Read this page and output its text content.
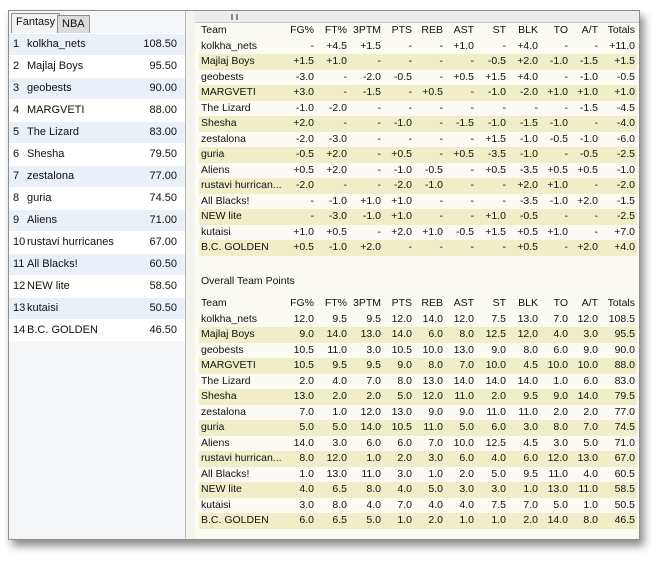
Fantasy NBA
1 kolkha_nets	108.50
2 Majlaj Boys	95.50
3 geobests	90.00
4 MARGVETI	88.00
5 The Lizard	83.00
6 Shesha	79.50
7 zestalona	77.00
8 guria	74.50
9 Aliens	71.00
10 rustavi hurricanes	67.00
11 All Blacks!	60.50
12 NEW lite	58.50
13 kutaisi	50.50
14 B.C. GOLDEN	46.50
Team	FG%	FT%	3PTM	PTS	REB	AST	ST	BLK	TO	A/T	Totals
kolkha_nets	-	+4.5	+1.5	-	-	+1.0	-	+4.0	-	-	+11.0
Majlaj Boys	+1.5	+1.0	-	-	-	-	-0.5	+2.0	-1.0	-1.5	+1.5
geobests	-3.0	-	-2.0	-0.5	-	+0.5	+1.5	+4.0	-	-1.0	-0.5
MARGVETI	+3.0	-	-1.5	-	+0.5	-	-1.0	-2.0	+1.0	+1.0	+1.0
The Lizard	-1.0	-2.0	-	-	-	-	-	-	-	-1.5	-4.5
Shesha	+2.0	-	-	-1.0	-	-1.5	-1.0	-1.5	-1.0	-	-4.0
zestalona	-2.0	-3.0	-	-	-	-	+1.5	-1.0	-0.5	-1.0	-6.0
guria	-0.5	+2.0	-	+0.5	-	+0.5	-3.5	-1.0	-	-0.5	-2.5
Aliens	+0.5	+2.0	-	-1.0	-0.5	-	+0.5	-3.5	+0.5	+0.5	-1.0
rustavi hurrican...	-2.0	-	-	-2.0	-1.0	-	-	+2.0	+1.0	-	-2.0
All Blacks!	-	-1.0	+1.0	+1.0	-	-	-	-3.5	-1.0	+2.0	-1.5
NEW lite	-	-3.0	-1.0	+1.0	-	-	+1.0	-0.5	-	-	-2.5
kutaisi	+1.0	+0.5	-	+2.0	+1.0	-0.5	+1.5	+0.5	+1.0	-	+7.0
B.C. GOLDEN	+0.5	-1.0	+2.0	-	-	-	-	+0.5	-	+2.0	+4.0
Overall Team Points
Team	FG%	FT%	3PTM	PTS	REB	AST	ST	BLK	TO	A/T	Totals
kolkha_nets	12.0	9.5	9.5	12.0	14.0	12.0	7.5	13.0	7.0	12.0	108.5
Majlaj Boys	9.0	14.0	13.0	14.0	6.0	8.0	12.5	12.0	4.0	3.0	95.5
geobests	10.5	11.0	3.0	10.5	10.0	13.0	9.0	8.0	6.0	9.0	90.0
MARGVETI	10.5	9.5	9.5	9.0	8.0	7.0	10.0	4.5	10.0	10.0	88.0
The Lizard	2.0	4.0	7.0	8.0	13.0	14.0	14.0	14.0	1.0	6.0	83.0
Shesha	13.0	2.0	2.0	5.0	12.0	11.0	2.0	9.5	9.0	14.0	79.5
zestalona	7.0	1.0	12.0	13.0	9.0	9.0	11.0	11.0	2.0	2.0	77.0
guria	5.0	5.0	14.0	10.5	11.0	5.0	6.0	3.0	8.0	7.0	74.5
Aliens	14.0	3.0	6.0	6.0	7.0	10.0	12.5	4.5	3.0	5.0	71.0
rustavi hurrican...	8.0	12.0	1.0	2.0	3.0	6.0	4.0	6.0	12.0	13.0	67.0
All Blacks!	1.0	13.0	11.0	3.0	1.0	2.0	5.0	9.5	11.0	4.0	60.5
NEW lite	4.0	6.5	8.0	4.0	5.0	3.0	3.0	1.0	13.0	11.0	58.5
kutaisi	3.0	8.0	4.0	7.0	4.0	4.0	7.5	7.0	5.0	1.0	50.5
B.C. GOLDEN	6.0	6.5	5.0	1.0	2.0	1.0	1.0	2.0	14.0	8.0	46.5
